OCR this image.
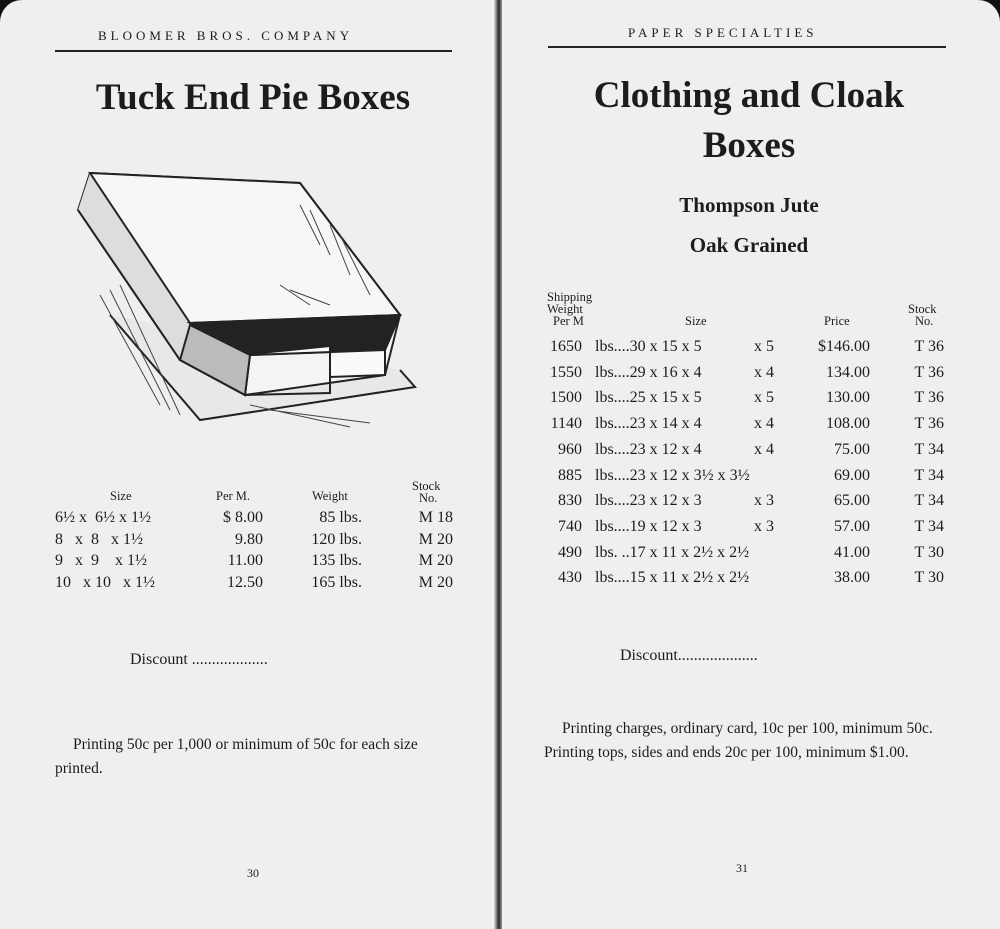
BLOOMER BROS. COMPANY
Tuck End Pie Boxes
Size	Per M.	Weight
Stock
No.
6½ x  6½ x 1½	$ 8.00	85 lbs.	M 18
8   x  8   x 1½	9.80	120 lbs.	M 20
9   x  9    x 1½	11.00	135 lbs.	M 20
10   x 10   x 1½	12.50	165 lbs.	M 20
Discount ...................
Printing 50c per 1,000 or minimum of 50c for each size printed.
30
PAPER SPECIALTIES
Clothing and Cloak
Boxes
Thompson Jute
Oak Grained
Shipping
Weight
Per M	Size	Price
Stock
No.
1650 lbs....30 x 15 x 5	x 5	$146.00	T 36
1550 lbs....29 x 16 x 4	x 4	134.00	T 36
1500 lbs....25 x 15 x 5	x 5	130.00	T 36
1140 lbs....23 x 14 x 4	x 4	108.00	T 36
960 lbs....23 x 12 x 4	x 4	75.00	T 34
885 lbs....23 x 12 x 3½ x 3½	69.00	T 34
830 lbs....23 x 12 x 3	x 3	65.00	T 34
740 lbs....19 x 12 x 3	x 3	57.00	T 34
490 lbs. ..17 x 11 x 2½ x 2½	41.00	T 30
430 lbs....15 x 11 x 2½ x 2½	38.00	T 30
Discount....................
Printing charges, ordinary card, 10c per 100, minimum 50c. Printing tops, sides and ends 20c per 100, minimum $1.00.
31
